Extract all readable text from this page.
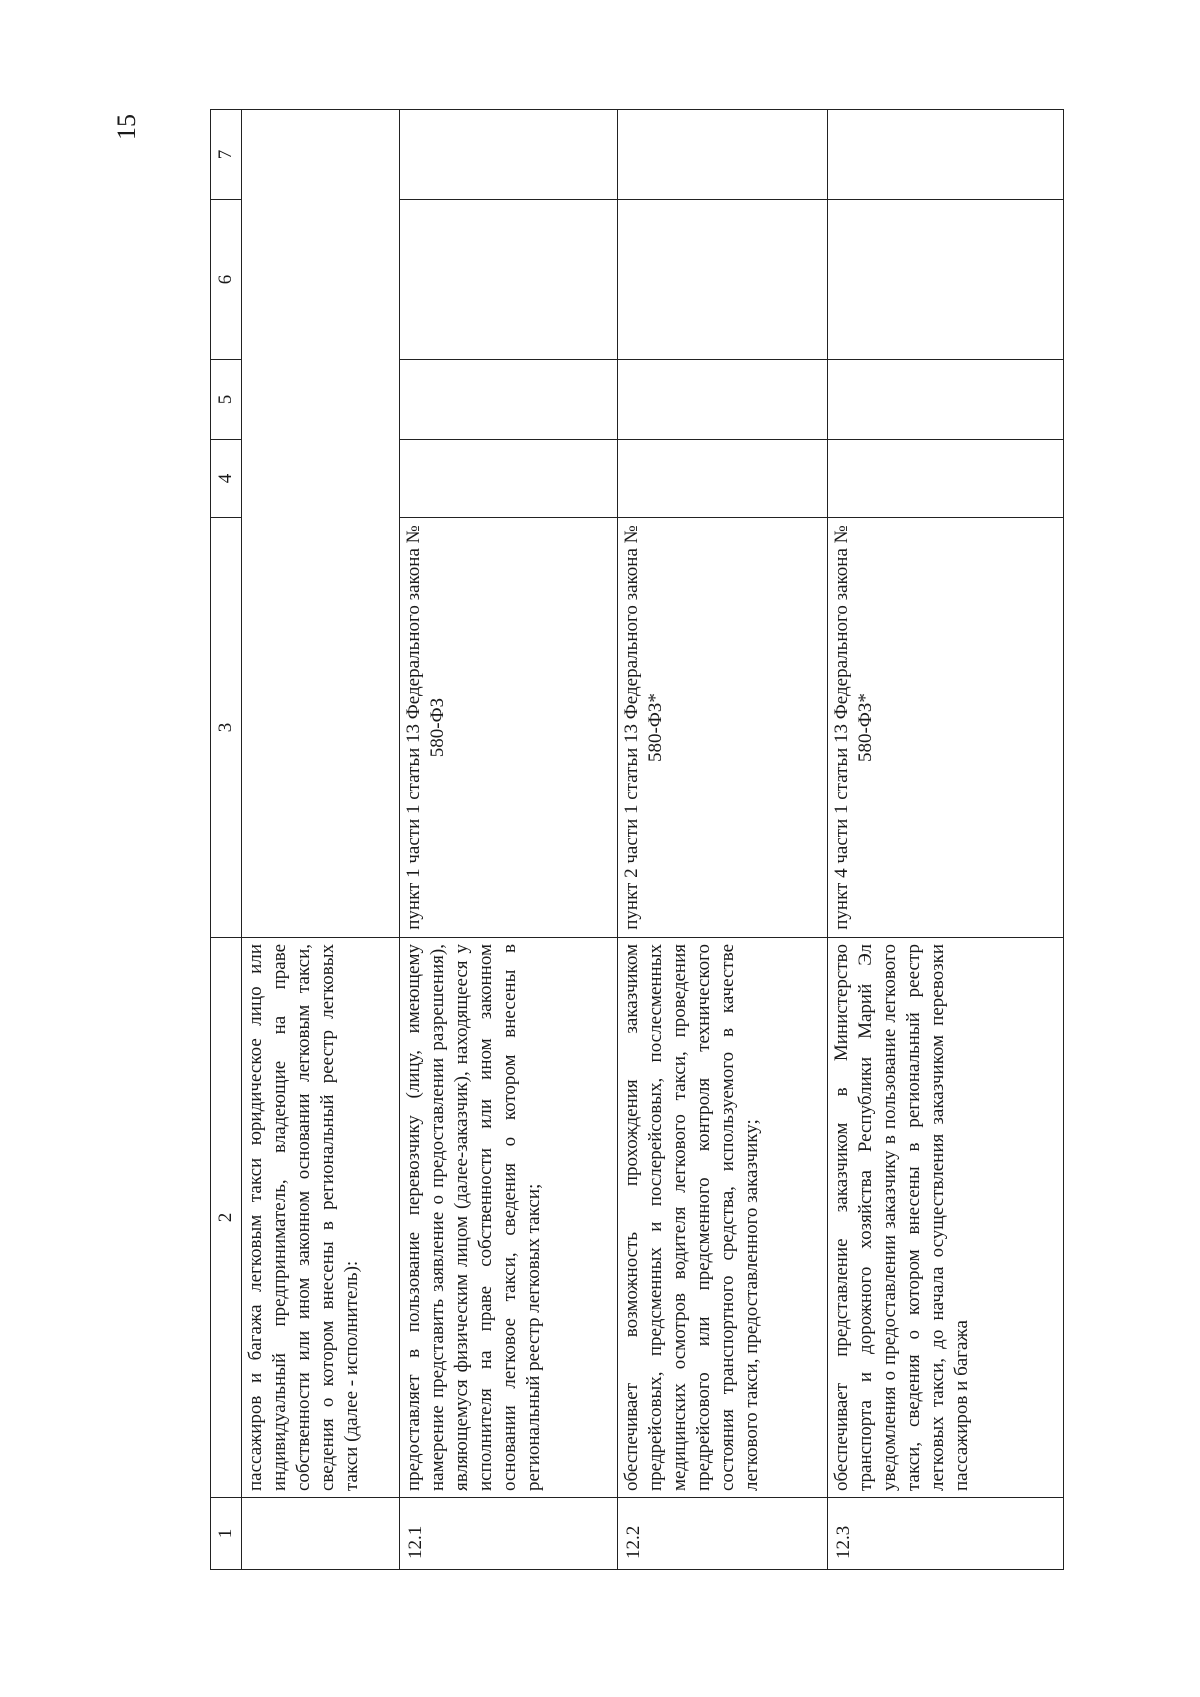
15
1	2	3	4	5	6	7
	пассажиров и багажа легковым такси юридическое лицо или индивидуальный предприниматель, владеющие на праве собственности или ином законном основании легковым такси, сведения о котором внесены в региональный реестр легковых такси (далее - исполнитель):					
12.1	предоставляет в пользование перевозчику (лицу, имеющему намерение представить заявление о предоставлении разрешения), являющемуся физическим лицом (далее-заказчик), находящееся у исполнителя на праве собственности или ином законном основании легковое такси, сведения о котором внесены в региональный реестр легковых такси;	пункт 1 части 1 статьи 13 Федерального закона № 580-ФЗ				
12.2	обеспечивает возможность прохождения заказчиком предрейсовых, предсменных и послерейсовых, послесменных медицинских осмотров водителя легкового такси, проведения предрейсового или предсменного контроля технического состояния транспортного средства, используемого в качестве легкового такси, предоставленного заказчику;	пункт 2 части 1 статьи 13 Федерального закона № 580-ФЗ*				
12.3	обеспечивает представление заказчиком в Министерство транспорта и дорожного хозяйства Республики Марий Эл уведомления о предоставлении заказчику в пользование легкового такси, сведения о котором внесены в региональный реестр легковых такси, до начала осуществления заказчиком перевозки пассажиров и багажа	пункт 4 части 1 статьи 13 Федерального закона № 580-ФЗ*				
